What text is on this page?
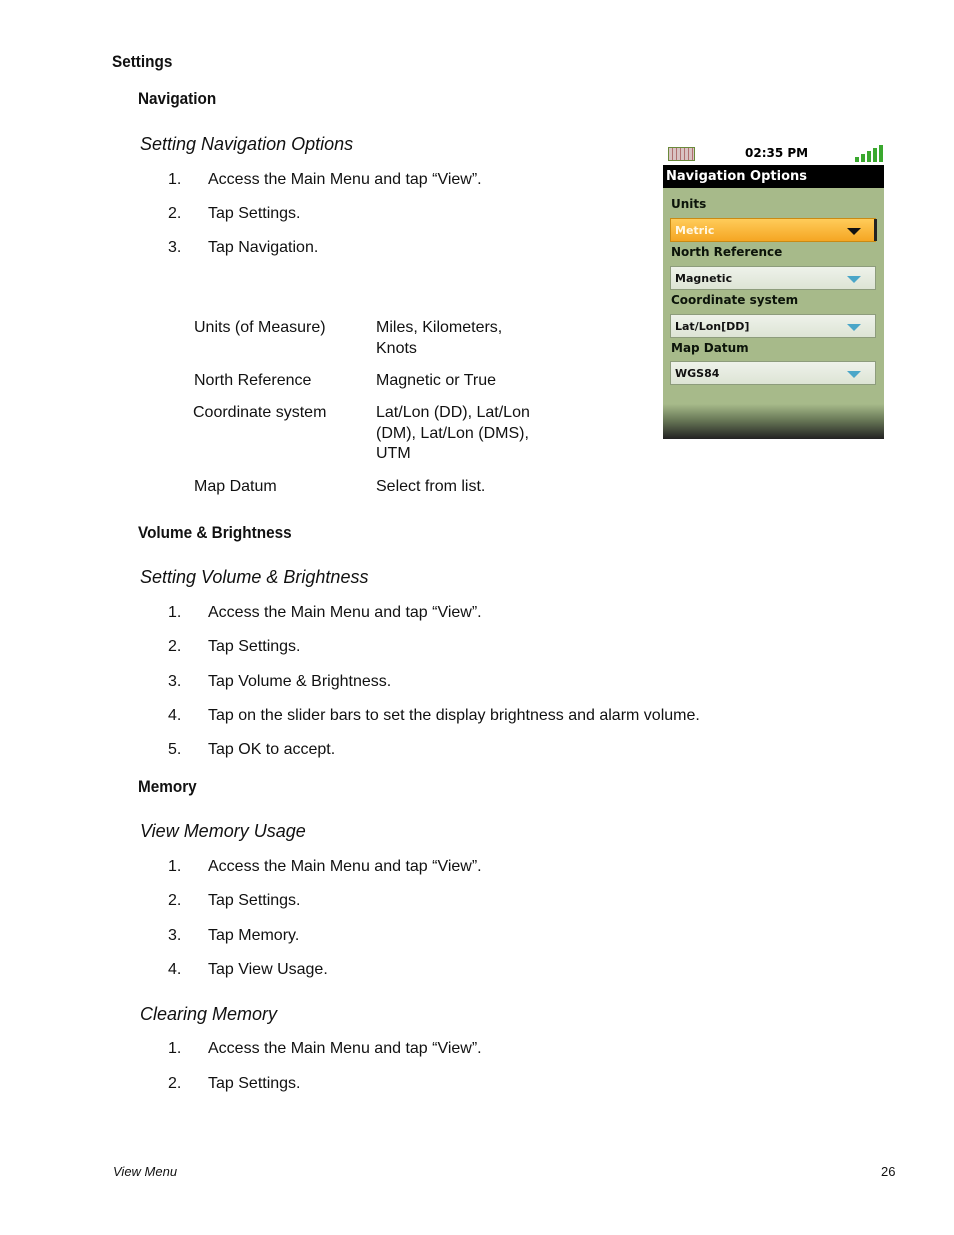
Settings
Navigation
Setting Navigation Options
1. Access the Main Menu and tap “View”.
2. Tap Settings.
3. Tap Navigation.
Units (of Measure)	Miles, Kilometers, Knots
North Reference	Magnetic or True
Coordinate system	Lat/Lon (DD), Lat/Lon (DM), Lat/Lon (DMS), UTM
Map Datum	Select from list.
02:35 PM
Navigation Options
Units
Metric
North Reference
Magnetic
Coordinate system
Lat/Lon[DD]
Map Datum
WGS84
Volume & Brightness
Setting Volume & Brightness
1. Access the Main Menu and tap “View”.
2. Tap Settings.
3. Tap Volume & Brightness.
4. Tap on the slider bars to set the display brightness and alarm volume.
5. Tap OK to accept.
Memory
View Memory Usage
1. Access the Main Menu and tap “View”.
2. Tap Settings.
3. Tap Memory.
4. Tap View Usage.
Clearing Memory
1. Access the Main Menu and tap “View”.
2. Tap Settings.
View Menu	26
